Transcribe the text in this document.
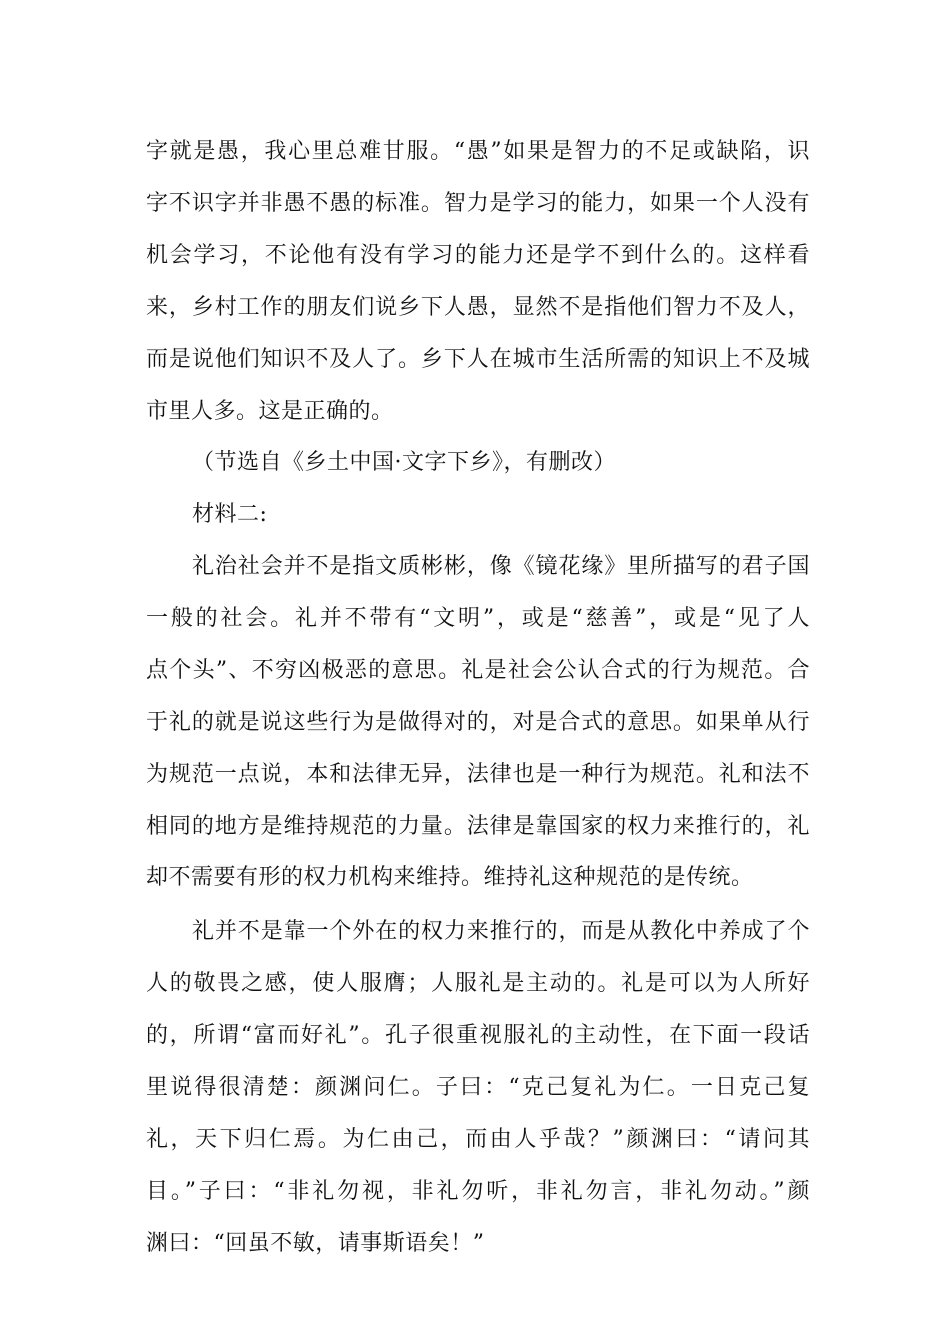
字就是愚，我心里总难甘服。“愚”如果是智力的不足或缺陷，识
字不识字并非愚不愚的标准。智力是学习的能力，如果一个人没有
机会学习，不论他有没有学习的能力还是学不到什么的。这样看
来，乡村工作的朋友们说乡下人愚，显然不是指他们智力不及人，
而是说他们知识不及人了。乡下人在城市生活所需的知识上不及城
市里人多。这是正确的。
（节选自《乡土中国·文字下乡》，有删改）
材料二:
礼治社会并不是指文质彬彬，像《镜花缘》里所描写的君子国
一般的社会。礼并不带有“文明”，或是“慈善”，或是“见了人
点个头”、不穷凶极恶的意思。礼是社会公认合式的行为规范。合
于礼的就是说这些行为是做得对的，对是合式的意思。如果单从行
为规范一点说，本和法律无异，法律也是一种行为规范。礼和法不
相同的地方是维持规范的力量。法律是靠国家的权力来推行的，礼
却不需要有形的权力机构来维持。维持礼这种规范的是传统。
礼并不是靠一个外在的权力来推行的，而是从教化中养成了个
人的敬畏之感，使人服膺；人服礼是主动的。礼是可以为人所好
的，所谓“富而好礼”。孔子很重视服礼的主动性，在下面一段话
里说得很清楚：颜渊问仁。子曰：“克己复礼为仁。一日克己复
礼，天下归仁焉。为仁由己，而由人乎哉？”颜渊曰：“请问其
目。”子曰：“非礼勿视，非礼勿听，非礼勿言，非礼勿动。”颜
渊曰：“回虽不敏，请事斯语矣！”
